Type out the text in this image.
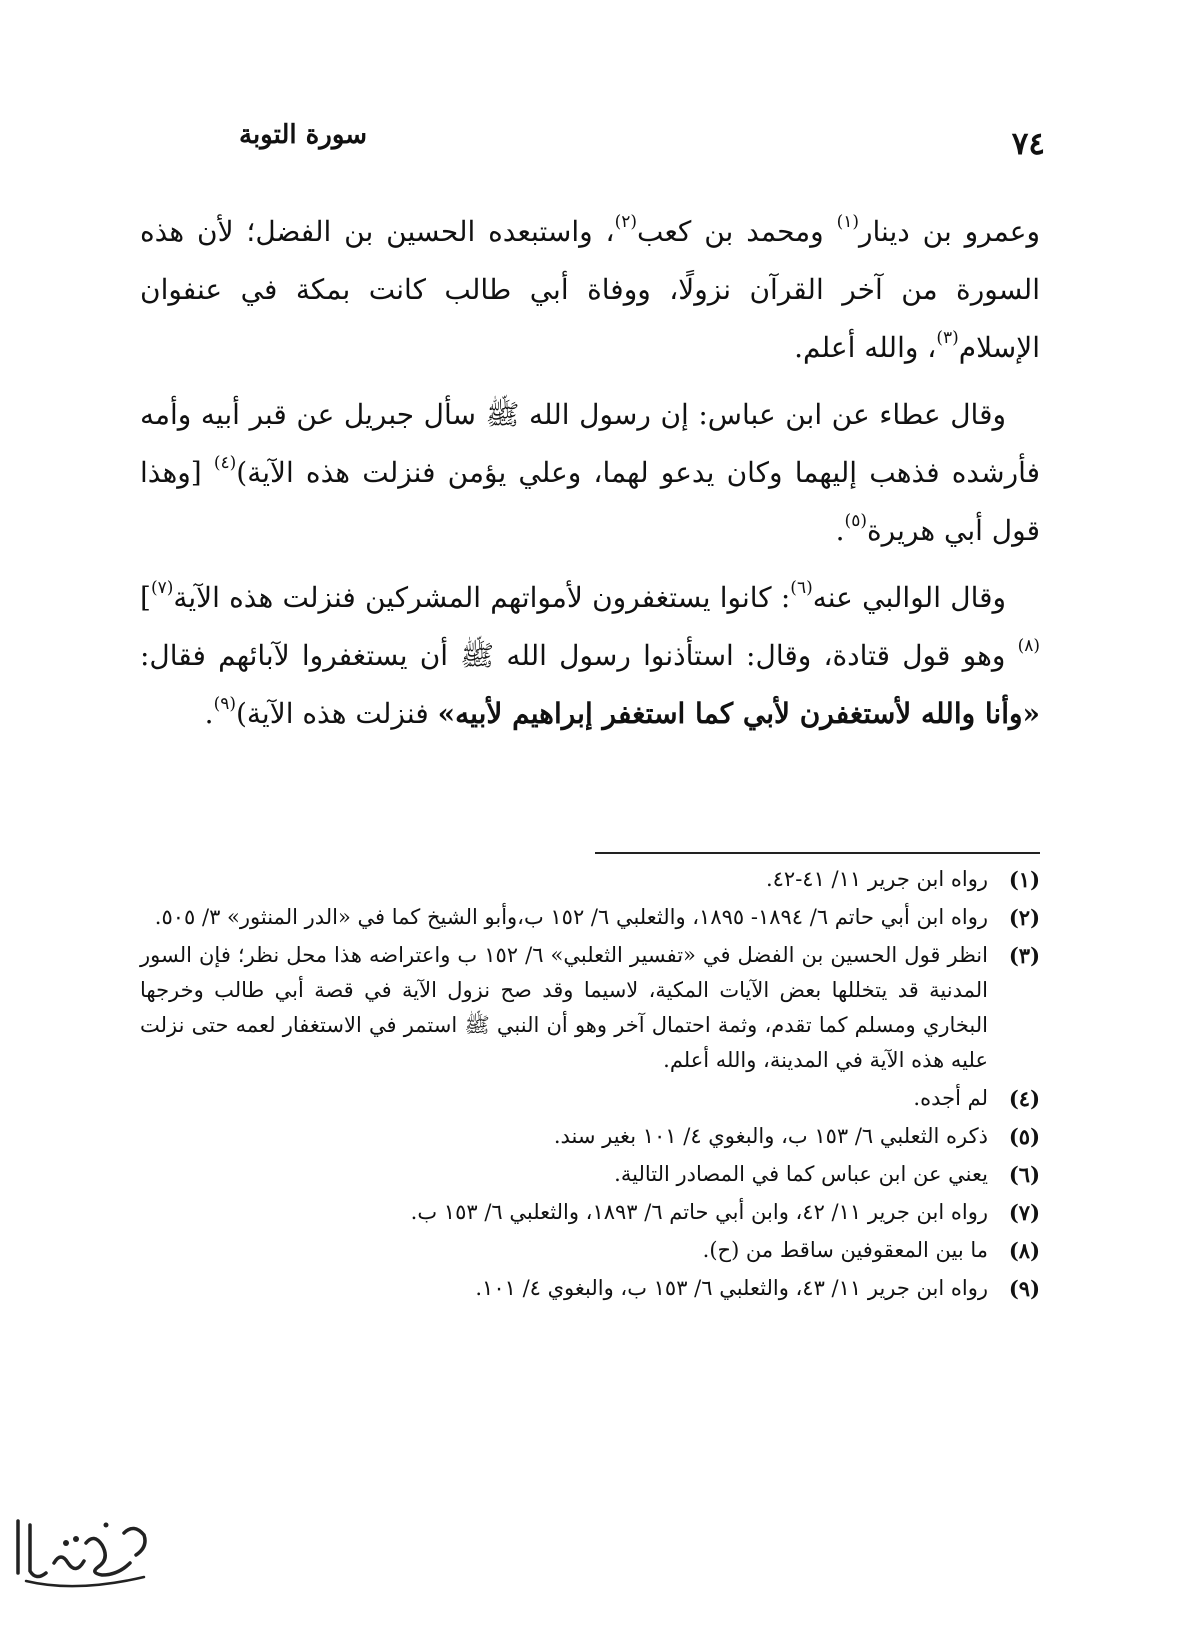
٧٤
سورة التوبة

وعمرو بن دينار$^{(١)}$ ومحمد بن كعب$^{(٢)}$، واستبعده الحسين بن الفضل؛ لأن هذه السورة من آخر القرآن نزولًا، ووفاة أبي طالب كانت بمكة في عنفوان الإسلام$^{(٣)}$، والله أعلم.

وقال عطاء عن ابن عباس: إن رسول الله ﷺ سأل جبريل عن قبر أبيه وأمه فأرشده فذهب إليهما وكان يدعو لهما، وعلي يؤمن فنزلت هذه الآية)$^{(٤)}$ [وهذا قول أبي هريرة$^{(٥)}$.

وقال الوالبي عنه$^{(٦)}$: كانوا يستغفرون لأمواتهم المشركين فنزلت هذه الآية$^{(٧)}$]$^{(٨)}$ وهو قول قتادة، وقال: استأذنوا رسول الله ﷺ أن يستغفروا لآبائهم فقال: «وأنا والله لأستغفرن لأبي كما استغفر إبراهيم لأبيه» فنزلت هذه الآية)$^{(٩)}$.

(١)
رواه ابن جرير ١١/ ٤١-٤٢.
(٢)
رواه ابن أبي حاتم ٦/ ١٨٩٤- ١٨٩٥، والثعلبي ٦/ ١٥٢ ب،وأبو الشيخ كما في «الدر المنثور» ٣/ ٥٠٥.
(٣)
انظر قول الحسين بن الفضل في «تفسير الثعلبي» ٦/ ١٥٢ ب واعتراضه هذا محل نظر؛ فإن السور المدنية قد يتخللها بعض الآيات المكية، لاسيما وقد صح نزول الآية في قصة أبي طالب وخرجها البخاري ومسلم كما تقدم، وثمة احتمال آخر وهو أن النبي ﷺ استمر في الاستغفار لعمه حتى نزلت عليه هذه الآية في المدينة، والله أعلم.
(٤)
لم أجده.
(٥)
ذكره الثعلبي ٦/ ١٥٣ ب، والبغوي ٤/ ١٠١ بغير سند.
(٦)
يعني عن ابن عباس كما في المصادر التالية.
(٧)
رواه ابن جرير ١١/ ٤٢، وابن أبي حاتم ٦/ ١٨٩٣، والثعلبي ٦/ ١٥٣ ب.
(٨)
ما بين المعقوفين ساقط من (ح).
(٩)
رواه ابن جرير ١١/ ٤٣، والثعلبي ٦/ ١٥٣ ب، والبغوي ٤/ ١٠١.
